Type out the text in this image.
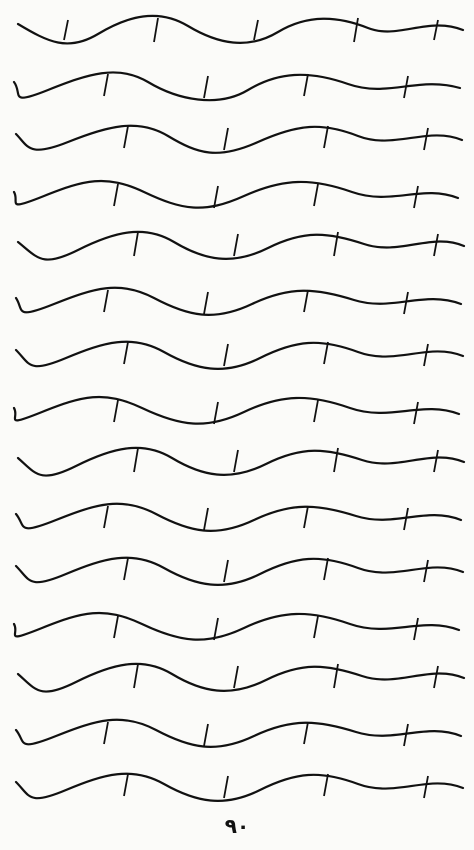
۹۰
